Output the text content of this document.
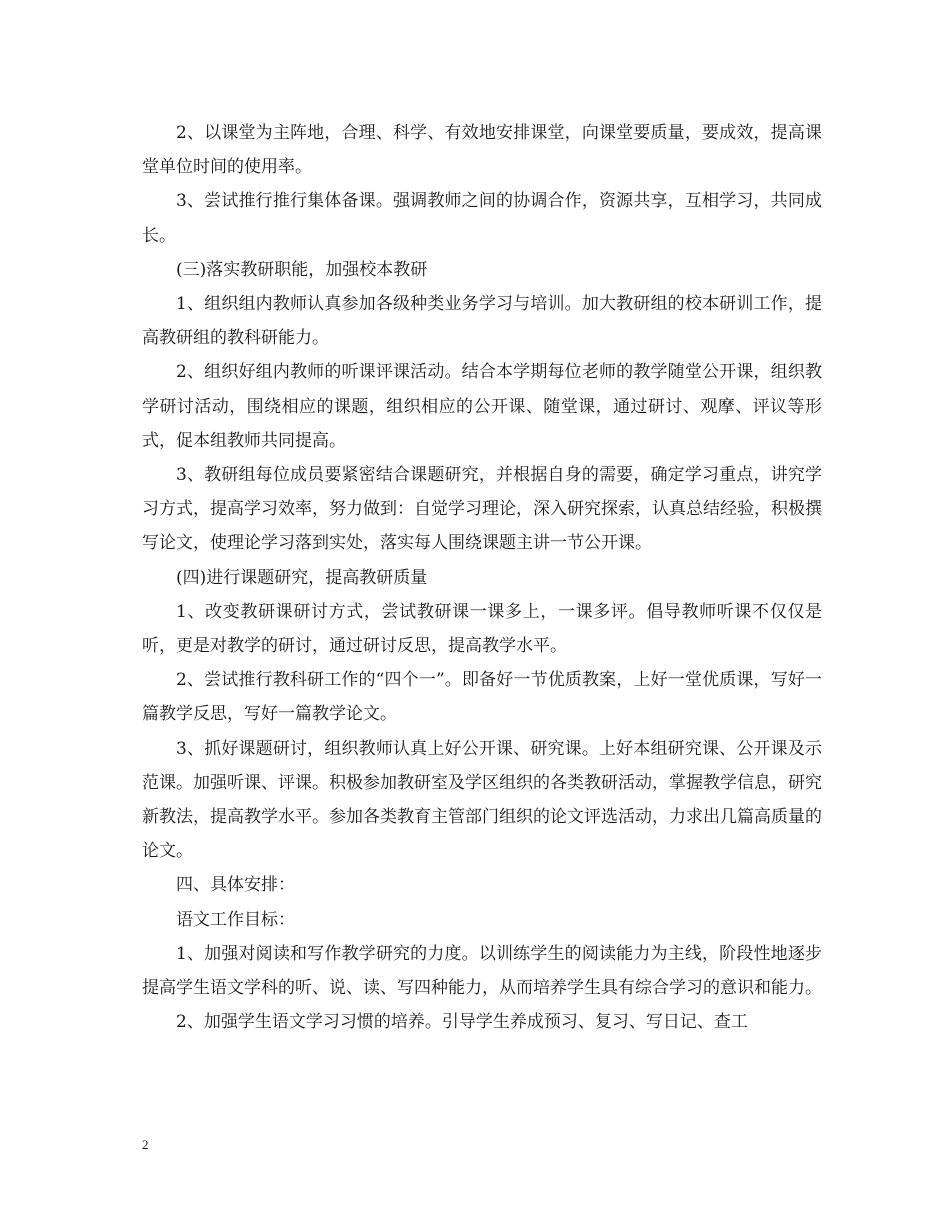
2、以课堂为主阵地，合理、科学、有效地安排课堂，向课堂要质量，要成效，提高课堂单位时间的使用率。

3、尝试推行推行集体备课。强调教师之间的协调合作，资源共享，互相学习，共同成长。

(三)落实教研职能，加强校本教研

1、组织组内教师认真参加各级种类业务学习与培训。加大教研组的校本研训工作，提高教研组的教科研能力。

2、组织好组内教师的听课评课活动。结合本学期每位老师的教学随堂公开课，组织教学研讨活动，围绕相应的课题，组织相应的公开课、随堂课，通过研讨、观摩、评议等形式，促本组教师共同提高。

3、教研组每位成员要紧密结合课题研究，并根据自身的需要，确定学习重点，讲究学习方式，提高学习效率，努力做到：自觉学习理论，深入研究探索，认真总结经验，积极撰写论文，使理论学习落到实处，落实每人围绕课题主讲一节公开课。

(四)进行课题研究，提高教研质量

1、改变教研课研讨方式，尝试教研课一课多上，一课多评。倡导教师听课不仅仅是听，更是对教学的研讨，通过研讨反思，提高教学水平。

2、尝试推行教科研工作的“四个一”。即备好一节优质教案，上好一堂优质课，写好一篇教学反思，写好一篇教学论文。

3、抓好课题研讨，组织教师认真上好公开课、研究课。上好本组研究课、公开课及示范课。加强听课、评课。积极参加教研室及学区组织的各类教研活动，掌握教学信息，研究新教法，提高教学水平。参加各类教育主管部门组织的论文评选活动，力求出几篇高质量的论文。

四、具体安排：

语文工作目标：

1、加强对阅读和写作教学研究的力度。以训练学生的阅读能力为主线，阶段性地逐步提高学生语文学科的听、说、读、写四种能力，从而培养学生具有综合学习的意识和能力。

2、加强学生语文学习习惯的培养。引导学生养成预习、复习、写日记、查工

2
